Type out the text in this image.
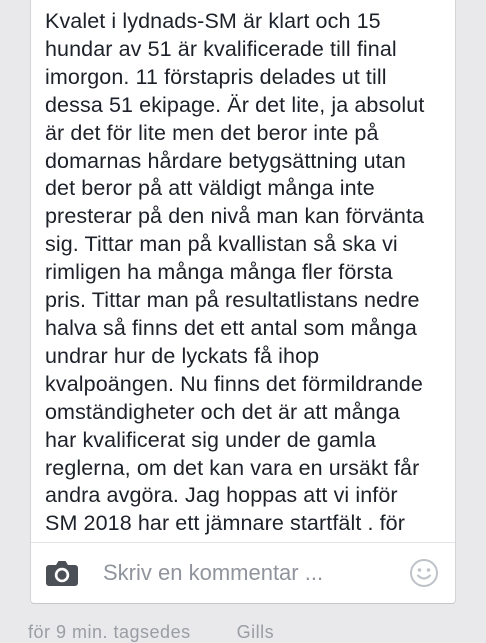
Kvalet i lydnads-SM är klart och 15
hundar av 51 är kvalificerade till final
imorgon. 11 förstapris delades ut till
dessa 51 ekipage. Är det lite, ja absolut
är det för lite men det beror inte på
domarnas hårdare betygsättning utan
det beror på att väldigt många inte
presterar på den nivå man kan förvänta
sig. Tittar man på kvallistan så ska vi
rimligen ha många många fler första
pris. Tittar man på resultatlistans nedre
halva så finns det ett antal som många
undrar hur de lyckats få ihop
kvalpoängen. Nu finns det förmildrande
omständigheter och det är att många
har kvalificerat sig under de gamla
reglerna, om det kan vara en ursäkt får
andra avgöra. Jag hoppas att vi inför
SM 2018 har ett jämnare startfält . för
Skriv en kommentar ...
för 9 min. tagsedes	Gills
